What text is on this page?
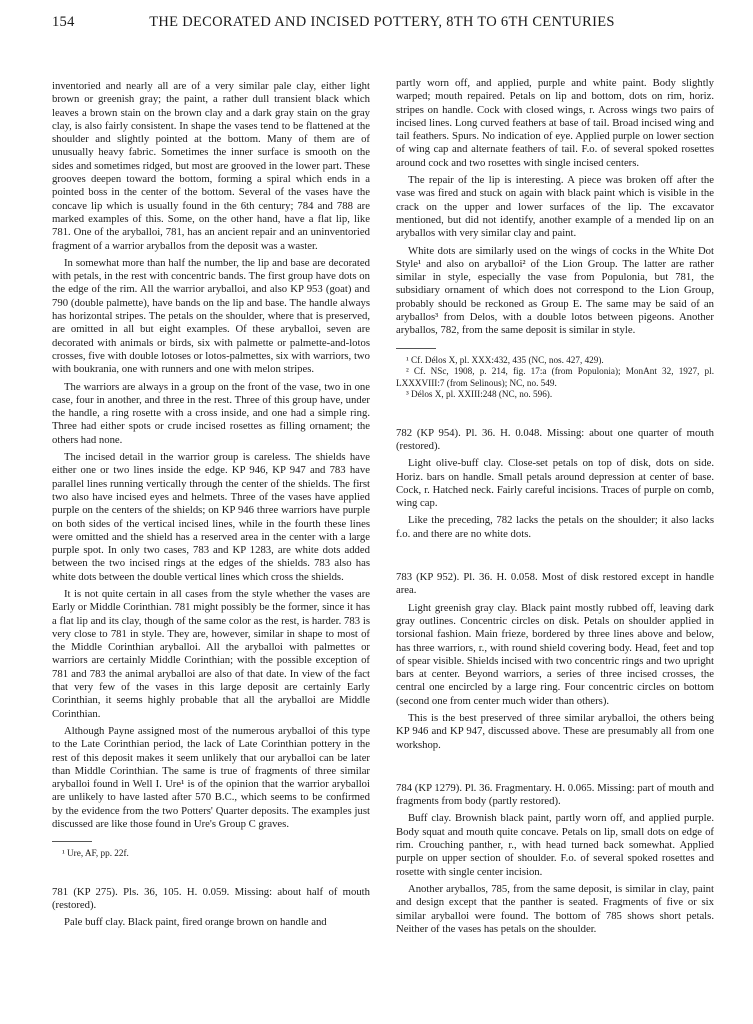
154	THE DECORATED AND INCISED POTTERY, 8TH TO 6TH CENTURIES

inventoried and nearly all are of a very similar pale clay, either light brown or greenish gray; the paint, a rather dull transient black which leaves a brown stain on the brown clay and a dark gray stain on the gray clay, is also fairly consistent. In shape the vases tend to be flattened at the shoulder and slightly pointed at the bottom. Many of them are of unusually heavy fabric. Sometimes the inner surface is smooth on the sides and sometimes ridged, but most are grooved in the lower part. These grooves deepen toward the bottom, forming a spiral which ends in a pointed boss in the center of the bottom. Several of the vases have the concave lip which is usually found in the 6th century; 784 and 788 are marked examples of this. Some, on the other hand, have a flat lip, like 781. One of the aryballoi, 781, has an ancient repair and an uninventoried fragment of a warrior aryballos from the deposit was a waster.

In somewhat more than half the number, the lip and base are decorated with petals, in the rest with concentric bands. The first group have dots on the edge of the rim. All the warrior aryballoi, and also KP 953 (goat) and 790 (double palmette), have bands on the lip and base. The handle always has horizontal stripes. The petals on the shoulder, where that is preserved, are omitted in all but eight examples. Of these aryballoi, seven are decorated with animals or birds, six with palmette or palmette-and-lotos crosses, five with double lotoses or lotos-palmettes, six with warriors, two with boukrania, one with runners and one with melon stripes.

The warriors are always in a group on the front of the vase, two in one case, four in another, and three in the rest. Three of this group have, under the handle, a ring rosette with a cross inside, and one had a simple ring. Three had either spots or crude incised rosettes as filling ornament; the others had none.

The incised detail in the warrior group is careless. The shields have either one or two lines inside the edge. KP 946, KP 947 and 783 have parallel lines running vertically through the center of the shields. The first two also have incised eyes and helmets. Three of the vases have applied purple on the centers of the shields; on KP 946 three warriors have purple on both sides of the vertical incised lines, while in the fourth these lines were omitted and the shield has a reserved area in the center with a large purple spot. In only two cases, 783 and KP 1283, are white dots added between the two incised rings at the edges of the shields. 783 also has white dots between the double vertical lines which cross the shields.

It is not quite certain in all cases from the style whether the vases are Early or Middle Corinthian. 781 might possibly be the former, since it has a flat lip and its clay, though of the same color as the rest, is harder. 783 is very close to 781 in style. They are, however, similar in shape to most of the Middle Corinthian aryballoi. All the aryballoi with palmettes or warriors are certainly Middle Corinthian; with the possible exception of 781 and 783 the animal aryballoi are also of that date. In view of the fact that very few of the vases in this large deposit are certainly Early Corinthian, it seems highly probable that all the aryballoi are Middle Corinthian.

Although Payne assigned most of the numerous aryballoi of this type to the Late Corinthian period, the lack of Late Corinthian pottery in the rest of this deposit makes it seem unlikely that our aryballoi can be later than Middle Corinthian. The same is true of fragments of three similar aryballoi found in Well I. Ure¹ is of the opinion that the warrior aryballoi are unlikely to have lasted after 570 B.C., which seems to be confirmed by the evidence from the two Potters' Quarter deposits. The examples just discussed are like those found in Ure's Group C graves.

¹ Ure, AF, pp. 22f.

781 (KP 275). Pls. 36, 105. H. 0.059. Missing: about half of mouth (restored).

Pale buff clay. Black paint, fired orange brown on handle and

partly worn off, and applied, purple and white paint. Body slightly warped; mouth repaired. Petals on lip and bottom, dots on rim, horiz. stripes on handle. Cock with closed wings, r. Across wings two pairs of incised lines. Long curved feathers at base of tail. Broad incised wing and tail feathers. Spurs. No indication of eye. Applied purple on lower section of wing cap and alternate feathers of tail. F.o. of several spoked rosettes around cock and two rosettes with single incised centers.

The repair of the lip is interesting. A piece was broken off after the vase was fired and stuck on again with black paint which is visible in the crack on the upper and lower surfaces of the lip. The excavator mentioned, but did not identify, another example of a mended lip on an aryballos with very similar clay and paint.

White dots are similarly used on the wings of cocks in the White Dot Style¹ and also on aryballoi² of the Lion Group. The latter are rather similar in style, especially the vase from Populonia, but 781, the subsidiary ornament of which does not correspond to the Lion Group, probably should be reckoned as Group E. The same may be said of an aryballos³ from Delos, with a double lotos between pigeons. Another aryballos, 782, from the same deposit is similar in style.

¹ Cf. Délos X, pl. XXX:432, 435 (NC, nos. 427, 429).

² Cf. NSc, 1908, p. 214, fig. 17:a (from Populonia); MonAnt 32, 1927, pl. LXXXVIII:7 (from Selinous); NC, no. 549.

³ Délos X, pl. XXIII:248 (NC, no. 596).

782 (KP 954). Pl. 36. H. 0.048. Missing: about one quarter of mouth (restored).

Light olive-buff clay. Close-set petals on top of disk, dots on side. Horiz. bars on handle. Small petals around depression at center of base. Cock, r. Hatched neck. Fairly careful incisions. Traces of purple on comb, wing cap.

Like the preceding, 782 lacks the petals on the shoulder; it also lacks f.o. and there are no white dots.

783 (KP 952). Pl. 36. H. 0.058. Most of disk restored except in handle area.

Light greenish gray clay. Black paint mostly rubbed off, leaving dark gray outlines. Concentric circles on disk. Petals on shoulder applied in torsional fashion. Main frieze, bordered by three lines above and below, has three warriors, r., with round shield covering body. Head, feet and top of spear visible. Shields incised with two concentric rings and two upright bars at center. Beyond warriors, a series of three incised crosses, the central one encircled by a large ring. Four concentric circles on bottom (second one from center much wider than others).

This is the best preserved of three similar aryballoi, the others being KP 946 and KP 947, discussed above. These are presumably all from one workshop.

784 (KP 1279). Pl. 36. Fragmentary. H. 0.065. Missing: part of mouth and fragments from body (partly restored).

Buff clay. Brownish black paint, partly worn off, and applied purple. Body squat and mouth quite concave. Petals on lip, small dots on edge of rim. Crouching panther, r., with head turned back somewhat. Applied purple on upper section of shoulder. F.o. of several spoked rosettes and rosette with single center incision.

Another aryballos, 785, from the same deposit, is similar in clay, paint and design except that the panther is seated. Fragments of five or six similar aryballoi were found. The bottom of 785 shows short petals. Neither of the vases has petals on the shoulder.
